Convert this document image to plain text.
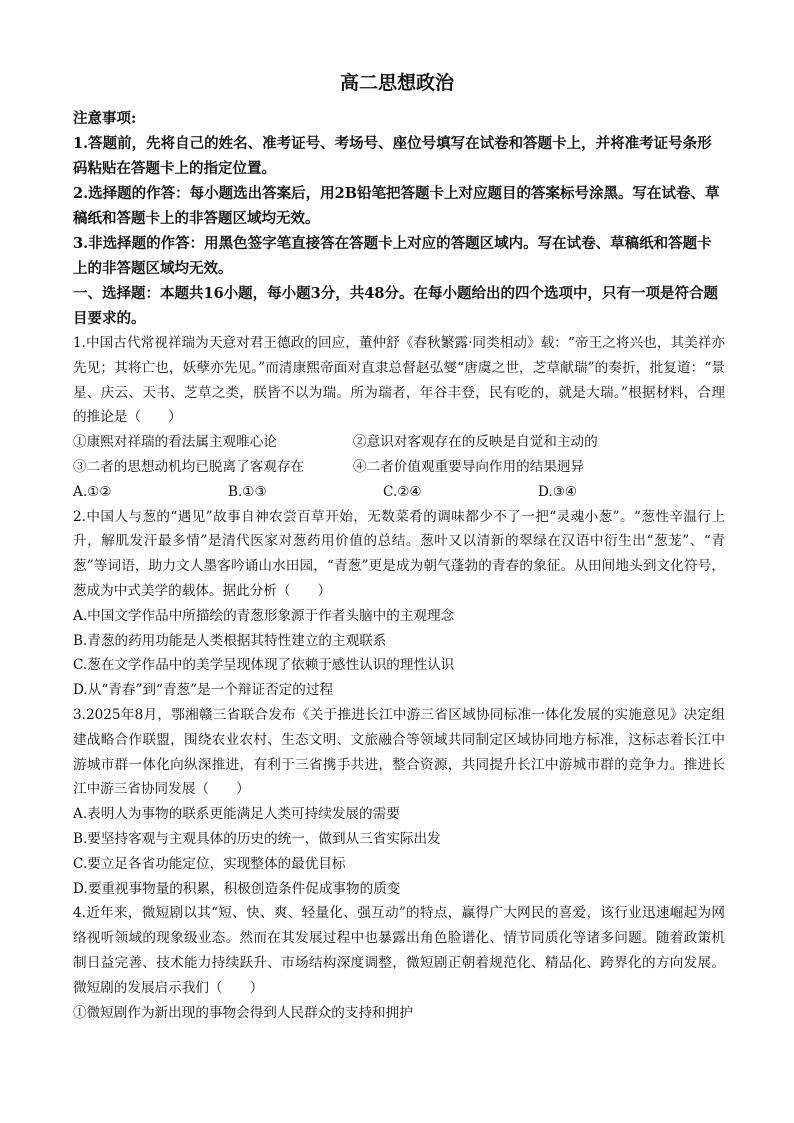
高二思想政治
注意事项:
1.答题前，先将自己的姓名、准考证号、考场号、座位号填写在试卷和答题卡上，并将准考证号条形码粘贴在答题卡上的指定位置。
2.选择题的作答：每小题选出答案后，用2B铅笔把答题卡上对应题目的答案标号涂黑。写在试卷、草稿纸和答题卡上的非答题区域均无效。
3.非选择题的作答：用黑色签字笔直接答在答题卡上对应的答题区域内。写在试卷、草稿纸和答题卡上的非答题区域均无效。
一、选择题：本题共16小题，每小题3分，共48分。在每小题给出的四个选项中，只有一项是符合题目要求的。

1.中国古代常视祥瑞为天意对君王德政的回应，董仲舒《春秋繁露·同类相动》载：“帝王之将兴也，其美祥亦先见；其将亡也，妖孽亦先见。”而清康熙帝面对直隶总督赵弘燮“唐虞之世，芝草献瑞”的奏折，批复道：“景星、庆云、天书、芝草之类，朕皆不以为瑞。所为瑞者，年谷丰登，民有吃的，就是大瑞。”根据材料，合理的推论是（　　）

①康熙对祥瑞的看法属主观唯心论	②意识对客观存在的反映是自觉和主动的
③二者的思想动机均已脱离了客观存在	④二者价值观重要导向作用的结果迥异
A.①②	B.①③	C.②④	D.③④

2.中国人与葱的“遇见”故事自神农尝百草开始，无数菜肴的调味都少不了一把“灵魂小葱”。“葱性辛温行上升，解肌发汗最多情”是清代医家对葱药用价值的总结。葱叶又以清新的翠绿在汉语中衍生出“葱茏”、“青葱”等词语，助力文人墨客吟诵山水田园，“青葱”更是成为朝气蓬勃的青春的象征。从田间地头到文化符号，葱成为中式美学的载体。据此分析（　　）

A.中国文学作品中所描绘的青葱形象源于作者头脑中的主观理念
B.青葱的药用功能是人类根据其特性建立的主观联系
C.葱在文学作品中的美学呈现体现了依赖于感性认识的理性认识
D.从“青春”到“青葱”是一个辩证否定的过程

3.2025年8月，鄂湘赣三省联合发布《关于推进长江中游三省区域协同标准一体化发展的实施意见》决定组建战略合作联盟，围绕农业农村、生态文明、文旅融合等领域共同制定区域协同地方标准，这标志着长江中游城市群一体化向纵深推进，有利于三省携手共进，整合资源，共同提升长江中游城市群的竞争力。推进长江中游三省协同发展（　　）

A.表明人为事物的联系更能满足人类可持续发展的需要
B.要坚持客观与主观具体的历史的统一，做到从三省实际出发
C.要立足各省功能定位，实现整体的最优目标
D.要重视事物量的积累，积极创造条件促成事物的质变

4.近年来，微短剧以其“短、快、爽、轻量化、强互动”的特点，赢得广大网民的喜爱，该行业迅速崛起为网络视听领域的现象级业态。然而在其发展过程中也暴露出角色脸谱化、情节同质化等诸多问题。随着政策机制日益完善、技术能力持续跃升、市场结构深度调整，微短剧正朝着规范化、精品化、跨界化的方向发展。微短剧的发展启示我们（　　）

①微短剧作为新出现的事物会得到人民群众的支持和拥护
